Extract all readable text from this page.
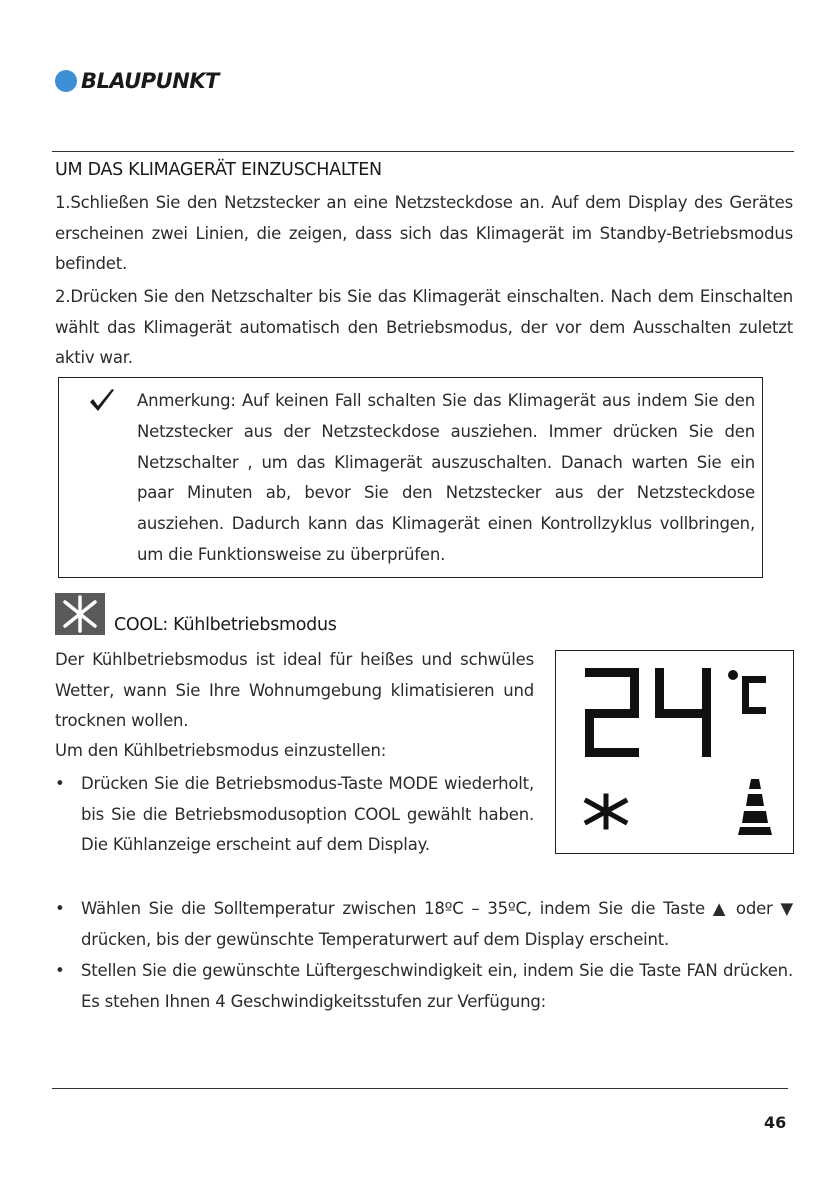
BLAUPUNKT
UM DAS KLIMAGERÄT EINZUSCHALTEN
1.Schließen Sie den Netzstecker an eine Netzsteckdose an. Auf dem Display des Gerätes erscheinen zwei Linien, die zeigen, dass sich das Klimagerät im Standby-Betriebsmodus befindet.
2.Drücken Sie den Netzschalter bis Sie das Klimagerät einschalten. Nach dem Einschalten wählt das Klimagerät automatisch den Betriebsmodus, der vor dem Ausschalten zuletzt aktiv war.
Anmerkung: Auf keinen Fall schalten Sie das Klimagerät aus indem Sie den Netzstecker aus der Netzsteckdose ausziehen. Immer drücken Sie den Netzschalter , um das Klimagerät auszuschalten. Danach warten Sie ein paar Minuten ab, bevor Sie den Netzstecker aus der Netzsteckdose ausziehen. Dadurch kann das Klimagerät einen Kontrollzyklus vollbringen, um die Funktionsweise zu überprüfen.
COOL: Kühlbetriebsmodus
Der Kühlbetriebsmodus ist ideal für heißes und schwüles Wetter, wann Sie Ihre Wohnumgebung klimatisieren und trocknen wollen.
Um den Kühlbetriebsmodus einzustellen:
• Drücken Sie die Betriebsmodus-Taste MODE wiederholt, bis Sie die Betriebsmodusoption COOL gewählt haben. Die Kühlanzeige erscheint auf dem Display.
• Wählen Sie die Solltemperatur zwischen 18ºC – 35ºC, indem Sie die Taste ▲ oder ▼ drücken, bis der gewünschte Temperaturwert auf dem Display erscheint.
• Stellen Sie die gewünschte Lüftergeschwindigkeit ein, indem Sie die Taste FAN drücken. Es stehen Ihnen 4 Geschwindigkeitsstufen zur Verfügung:
46
